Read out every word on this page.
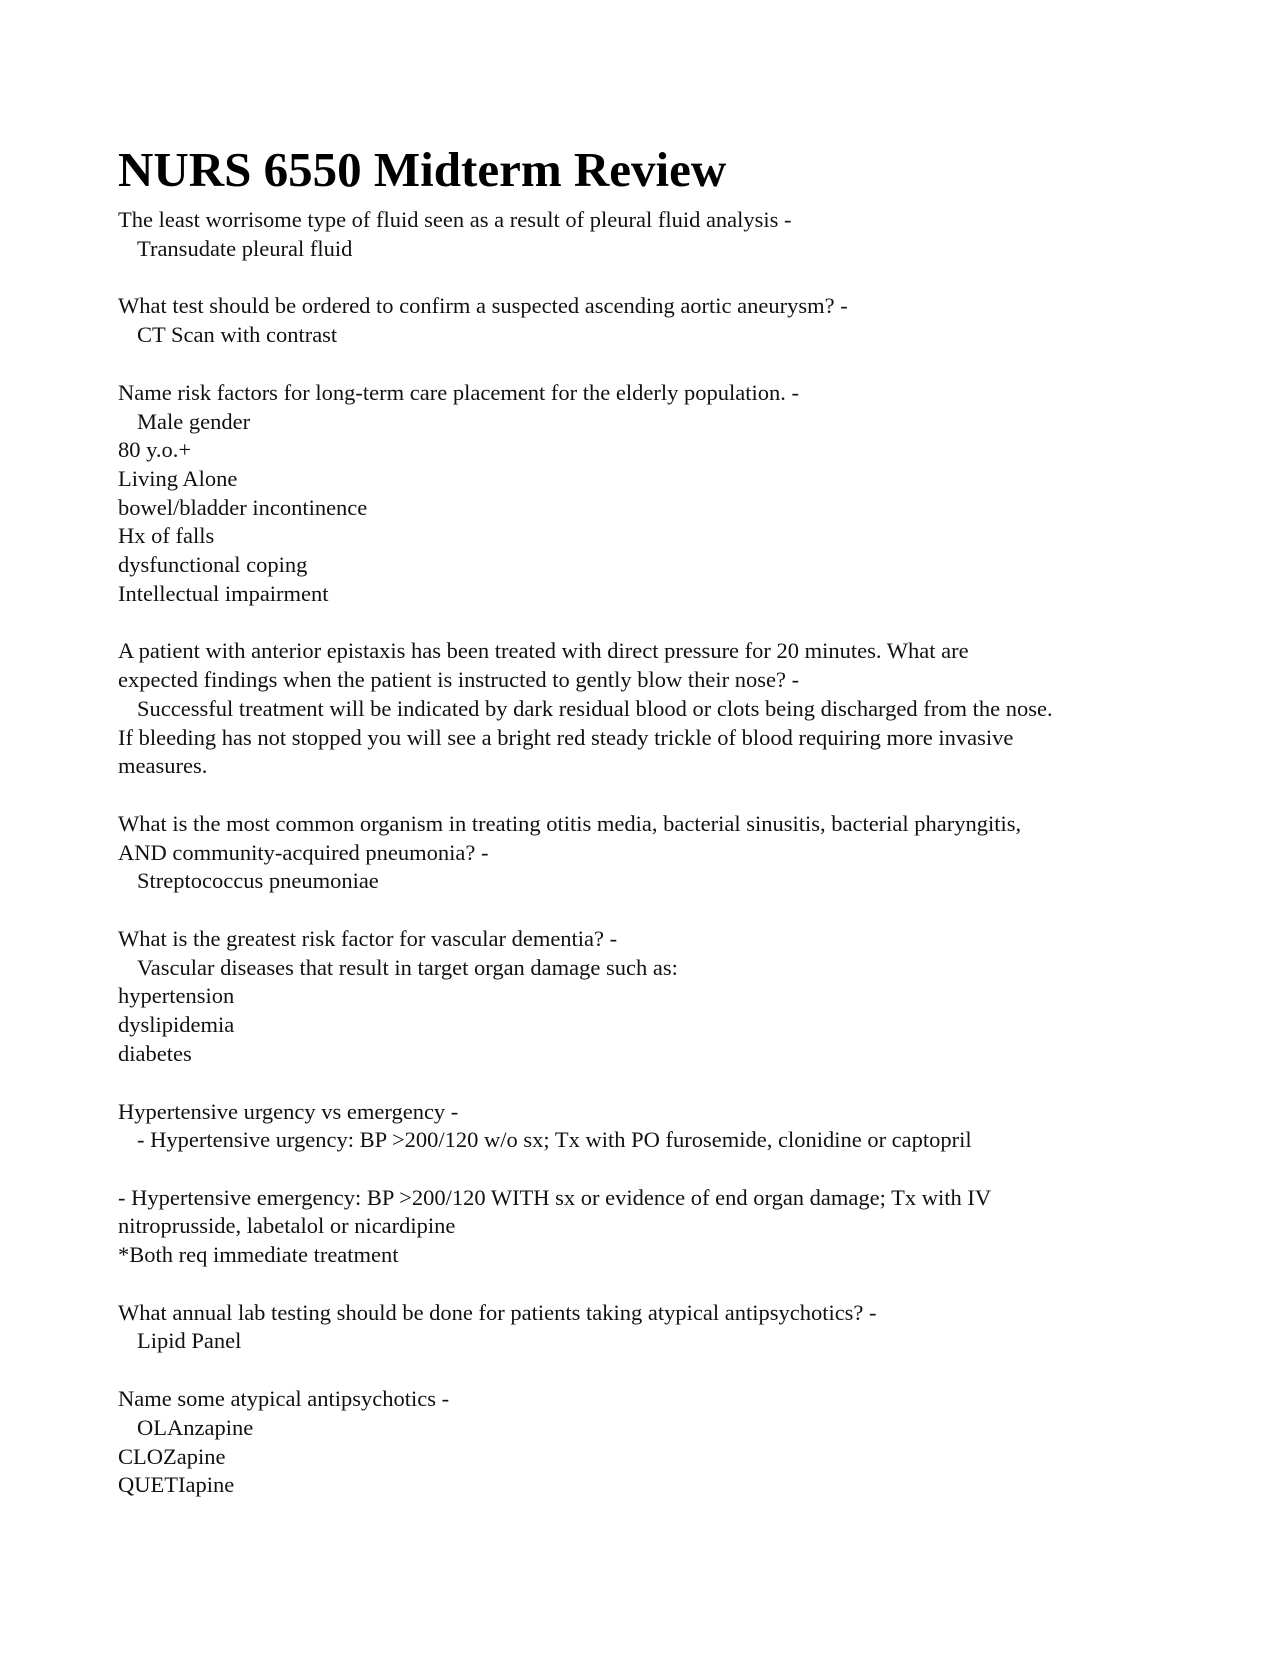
NURS 6550 Midterm Review
The least worrisome type of fluid seen as a result of pleural fluid analysis -
Transudate pleural fluid
What test should be ordered to confirm a suspected ascending aortic aneurysm? -
CT Scan with contrast
Name risk factors for long-term care placement for the elderly population. -
Male gender
80 y.o.+
Living Alone
bowel/bladder incontinence
Hx of falls
dysfunctional coping
Intellectual impairment
A patient with anterior epistaxis has been treated with direct pressure for 20 minutes. What are
expected findings when the patient is instructed to gently blow their nose? -
Successful treatment will be indicated by dark residual blood or clots being discharged from the nose.
If bleeding has not stopped you will see a bright red steady trickle of blood requiring more invasive
measures.
What is the most common organism in treating otitis media, bacterial sinusitis, bacterial pharyngitis,
AND community-acquired pneumonia? -
Streptococcus pneumoniae
What is the greatest risk factor for vascular dementia? -
Vascular diseases that result in target organ damage such as:
hypertension
dyslipidemia
diabetes
Hypertensive urgency vs emergency -
- Hypertensive urgency: BP >200/120 w/o sx; Tx with PO furosemide, clonidine or captopril
- Hypertensive emergency: BP >200/120 WITH sx or evidence of end organ damage; Tx with IV
nitroprusside, labetalol or nicardipine
*Both req immediate treatment
What annual lab testing should be done for patients taking atypical antipsychotics? -
Lipid Panel
Name some atypical antipsychotics -
OLAnzapine
CLOZapine
QUETIapine
